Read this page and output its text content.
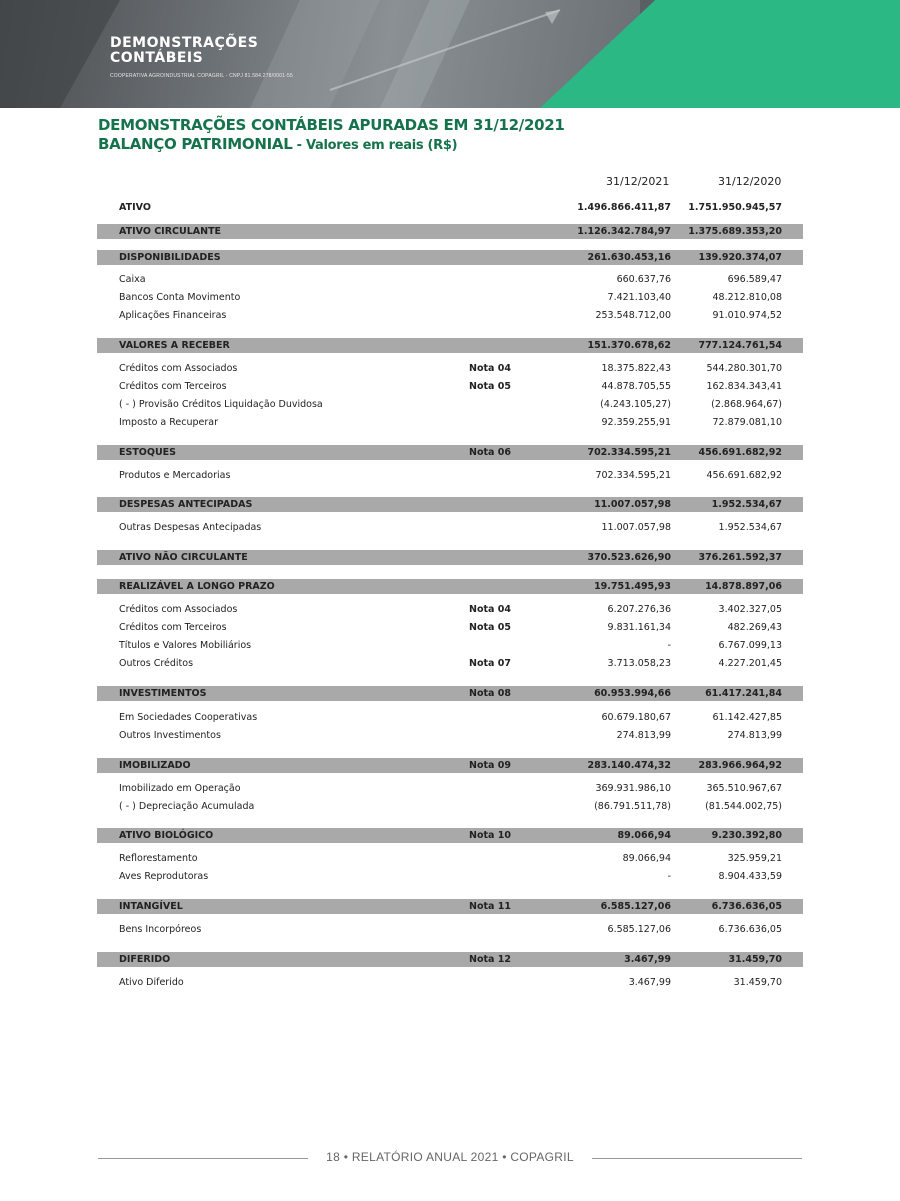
DEMONSTRAÇÕES
CONTÁBEIS
COOPERATIVA AGROINDUSTRIAL COPAGRIL - CNPJ 81.584.278/0001-55
DEMONSTRAÇÕES CONTÁBEIS APURADAS EM 31/12/2021
BALANÇO PATRIMONIAL - Valores em reais (R$)
31/12/2021	31/12/2020
ATIVO	1.496.866.411,87 1.751.950.945,57
ATIVO CIRCULANTE	1.126.342.784,97 1.375.689.353,20
DISPONIBILIDADES	261.630.453,16	139.920.374,07
Caixa	660.637,76	696.589,47
Bancos Conta Movimento	7.421.103,40	48.212.810,08
Aplicações Financeiras	253.548.712,00	91.010.974,52
VALORES A RECEBER	151.370.678,62	777.124.761,54
Créditos com Associados	Nota 04	18.375.822,43	544.280.301,70
Créditos com Terceiros	Nota 05	44.878.705,55	162.834.343,41
( - ) Provisão Créditos Liquidação Duvidosa	(4.243.105,27)	(2.868.964,67)
Imposto a Recuperar	92.359.255,91	72.879.081,10
ESTOQUES	Nota 06	702.334.595,21	456.691.682,92
Produtos e Mercadorias	702.334.595,21	456.691.682,92
DESPESAS ANTECIPADAS	11.007.057,98	1.952.534,67
Outras Despesas Antecipadas	11.007.057,98	1.952.534,67
ATIVO NÃO CIRCULANTE	370.523.626,90	376.261.592,37
REALIZÁVEL A LONGO PRAZO	19.751.495,93	14.878.897,06
Créditos com Associados	Nota 04	6.207.276,36	3.402.327,05
Créditos com Terceiros	Nota 05	9.831.161,34	482.269,43
Títulos e Valores Mobiliários	-	6.767.099,13
Outros Créditos	Nota 07	3.713.058,23	4.227.201,45
INVESTIMENTOS	Nota 08	60.953.994,66	61.417.241,84
Em Sociedades Cooperativas	60.679.180,67	61.142.427,85
Outros Investimentos	274.813,99	274.813,99
IMOBILIZADO	Nota 09	283.140.474,32	283.966.964,92
Imobilizado em Operação	369.931.986,10	365.510.967,67
( - ) Depreciação Acumulada	(86.791.511,78)	(81.544.002,75)
ATIVO BIOLÓGICO	Nota 10	89.066,94	9.230.392,80
Reflorestamento	89.066,94	325.959,21
Aves Reprodutoras	-	8.904.433,59
INTANGÍVEL	Nota 11	6.585.127,06	6.736.636,05
Bens Incorpóreos	6.585.127,06	6.736.636,05
DIFERIDO	Nota 12	3.467,99	31.459,70
Ativo Diferido	3.467,99	31.459,70
18 • RELATÓRIO ANUAL 2021 • COPAGRIL
